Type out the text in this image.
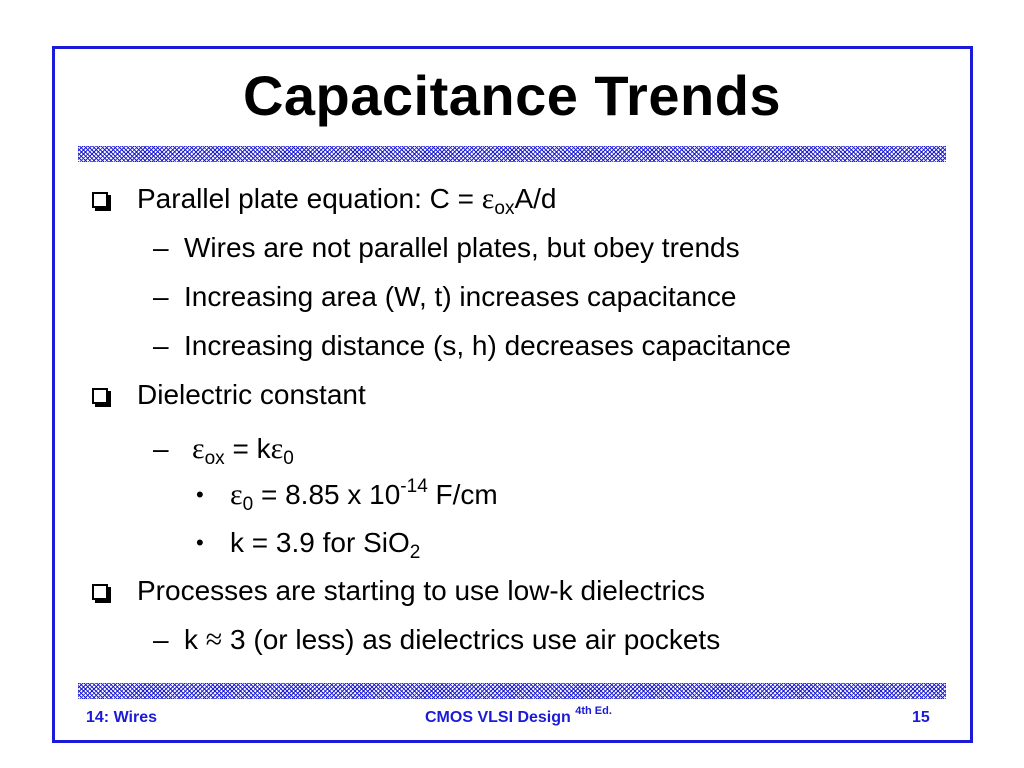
Capacitance Trends
Parallel plate equation: $C = \varepsilon_{ox}A/d$
– Wires are not parallel plates, but obey trends
– Increasing area (W, t) increases capacitance
– Increasing distance (s, h) decreases capacitance
Dielectric constant
– $\varepsilon_{ox} = k\varepsilon_0$
• $\varepsilon_0 = 8.85$ x $10^{-14}$ F/cm
• k = 3.9 for SiO$_2$
Processes are starting to use low-k dielectrics
– k ≈ 3 (or less) as dielectrics use air pockets
14: Wires	CMOS VLSI Design $^{4th Ed.}$	15
